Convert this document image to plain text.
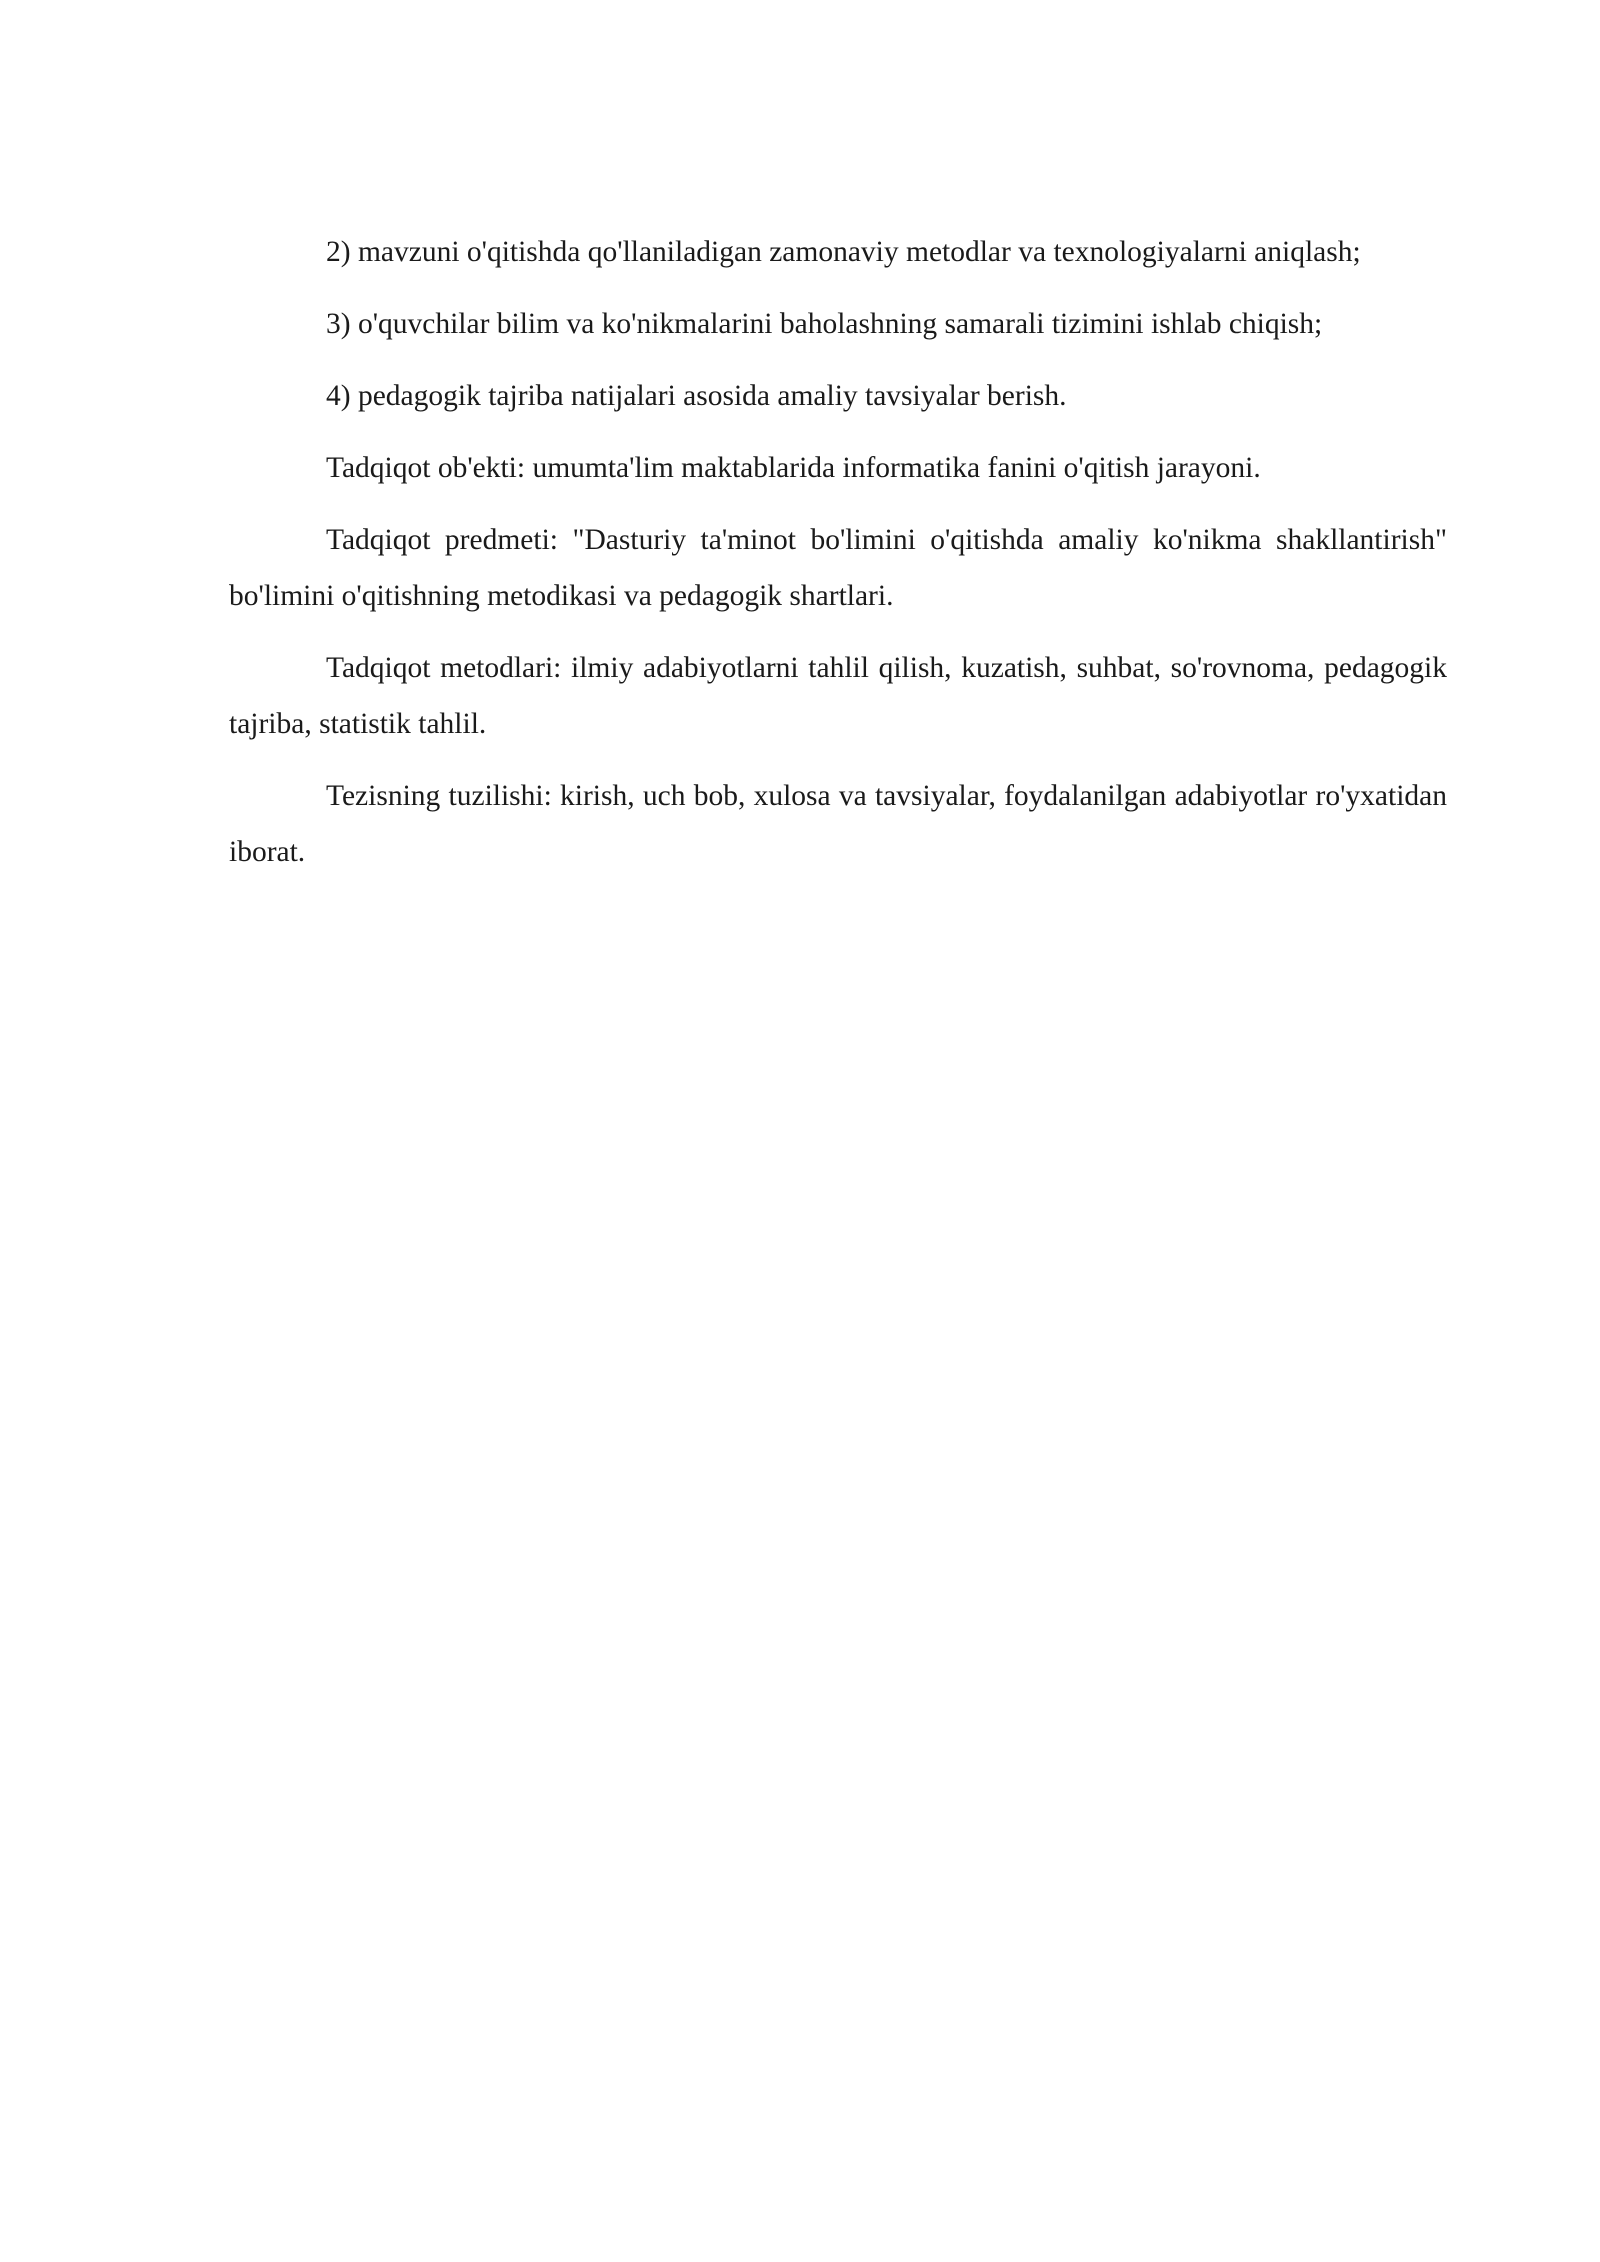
2) mavzuni o'qitishda qo'llaniladigan zamonaviy metodlar va texnologiyalarni aniqlash;

3) o'quvchilar bilim va ko'nikmalarini baholashning samarali tizimini ishlab chiqish;

4) pedagogik tajriba natijalari asosida amaliy tavsiyalar berish.

Tadqiqot ob'ekti: umumta'lim maktablarida informatika fanini o'qitish jarayoni.

Tadqiqot predmeti: "Dasturiy ta'minot bo'limini o'qitishda amaliy ko'nikma shakllantirish" bo'limini o'qitishning metodikasi va pedagogik shartlari.

Tadqiqot metodlari: ilmiy adabiyotlarni tahlil qilish, kuzatish, suhbat, so'rovnoma, pedagogik tajriba, statistik tahlil.

Tezisning tuzilishi: kirish, uch bob, xulosa va tavsiyalar, foydalanilgan adabiyotlar ro'yxatidan iborat.
